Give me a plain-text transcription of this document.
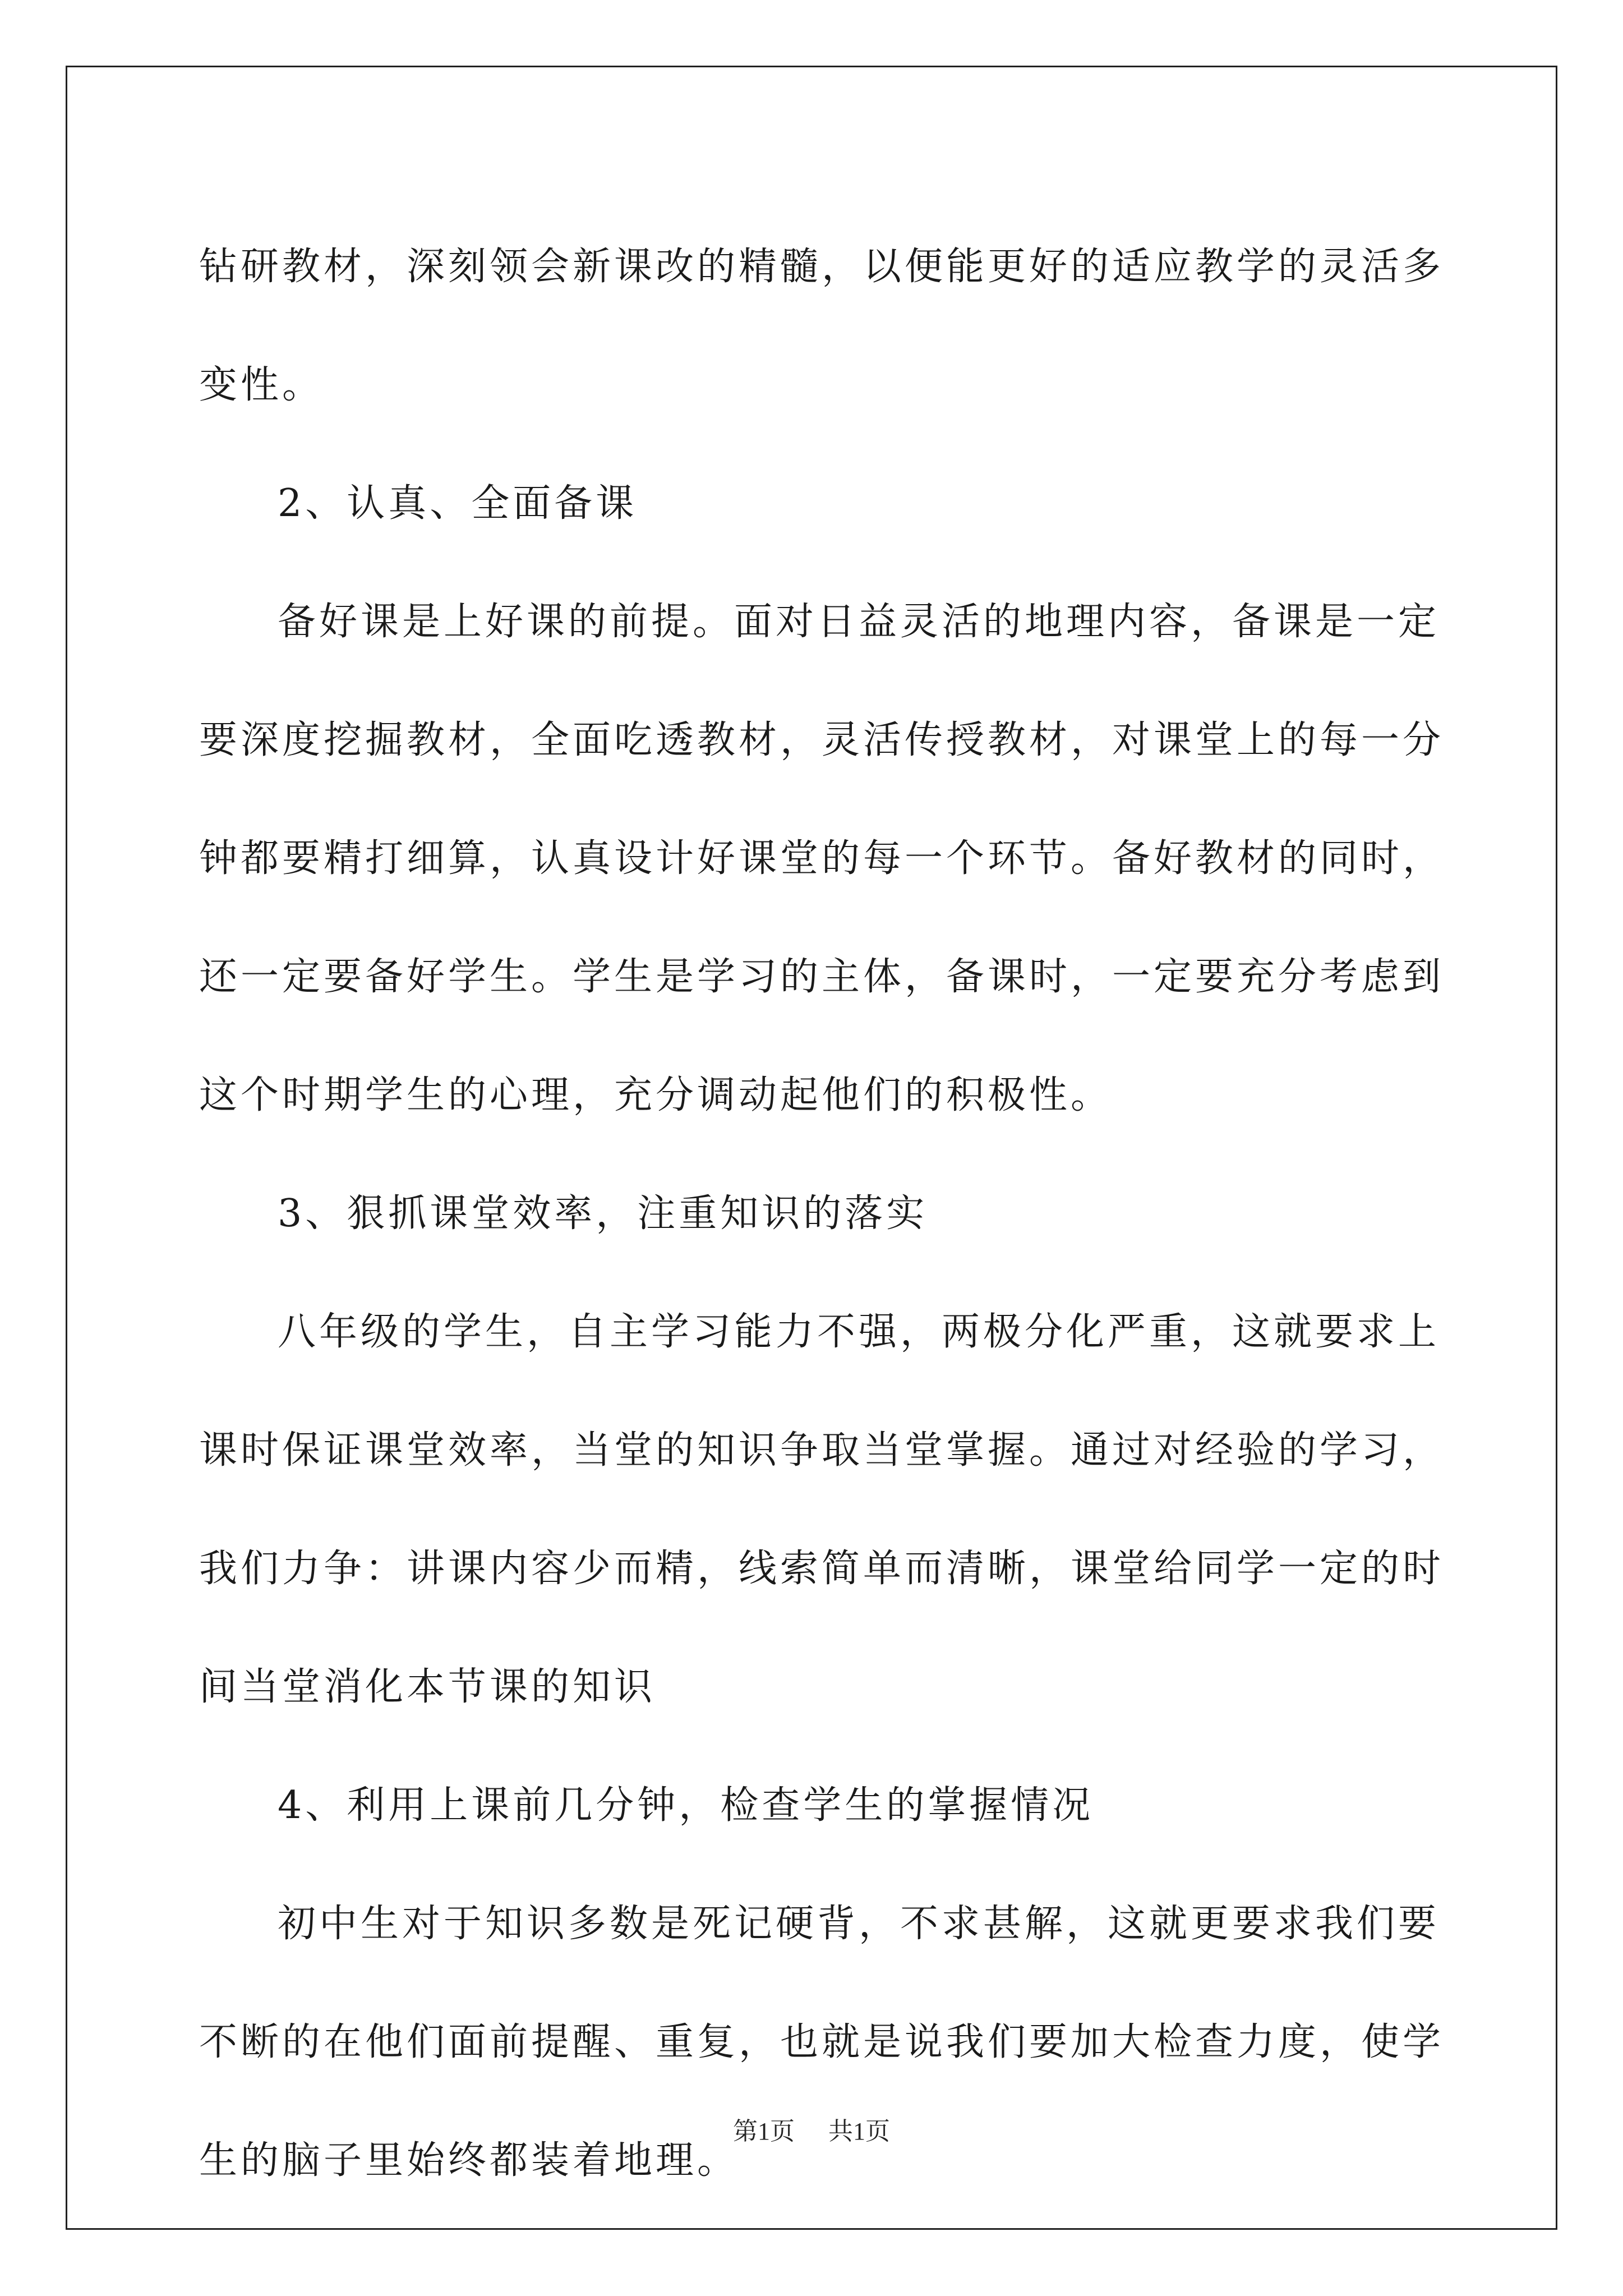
钻研教材，深刻领会新课改的精髓，以便能更好的适应教学的灵活多

变性。

2、认真、全面备课

备好课是上好课的前提。面对日益灵活的地理内容，备课是一定

要深度挖掘教材，全面吃透教材，灵活传授教材，对课堂上的每一分

钟都要精打细算，认真设计好课堂的每一个环节。备好教材的同时，

还一定要备好学生。学生是学习的主体，备课时，一定要充分考虑到

这个时期学生的心理，充分调动起他们的积极性。

3、狠抓课堂效率，注重知识的落实

八年级的学生，自主学习能力不强，两极分化严重，这就要求上

课时保证课堂效率，当堂的知识争取当堂掌握。通过对经验的学习，

我们力争：讲课内容少而精，线索简单而清晰，课堂给同学一定的时

间当堂消化本节课的知识

4、利用上课前几分钟，检查学生的掌握情况

初中生对于知识多数是死记硬背，不求甚解，这就更要求我们要

不断的在他们面前提醒、重复，也就是说我们要加大检查力度，使学

生的脑子里始终都装着地理。

第1页 共1页
